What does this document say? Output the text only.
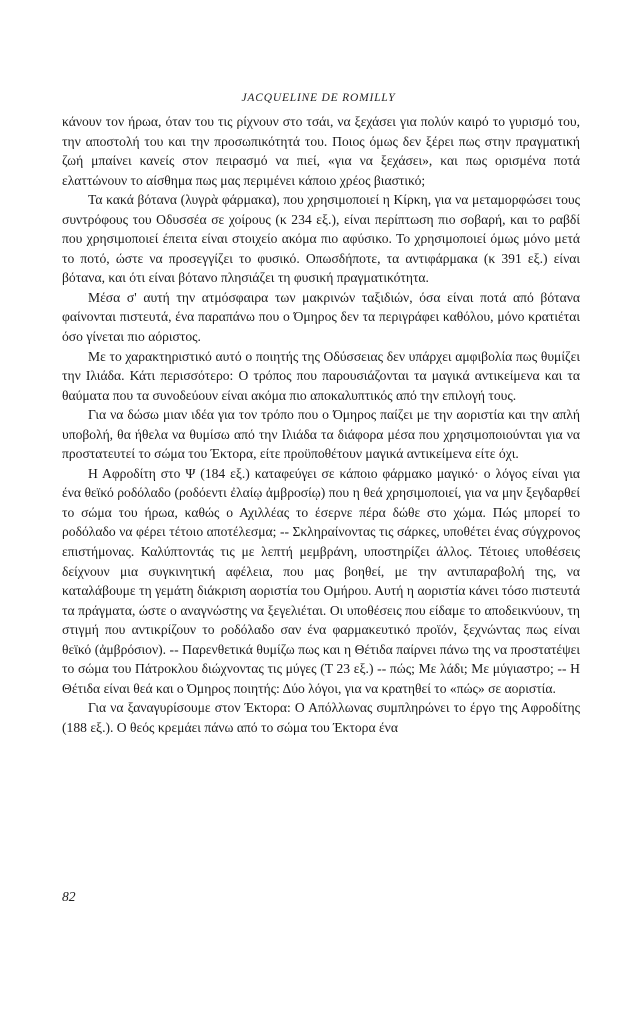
JACQUELINE DE ROMILLY

κάνουν τον ήρωα, όταν του τις ρίχνουν στο τσάι, να ξεχάσει για πολύν καιρό το γυρισμό του, την αποστολή του και την προσωπικότητά του. Ποιος όμως δεν ξέρει πως στην πραγματική ζωή μπαίνει κανείς στον πειρασμό να πιεί, «για να ξεχάσει», και πως ορισμένα ποτά ελαττώνουν το αίσθημα πως μας περιμένει κάποιο χρέος βιαστικό;

Τα κακά βότανα (λυγρὰ φάρμακα), που χρησιμοποιεί η Κίρκη, για να μεταμορφώσει τους συντρόφους του Οδυσσέα σε χοίρους (κ 234 εξ.), είναι περίπτωση πιο σοβαρή, και το ραβδί που χρησιμοποιεί έπειτα είναι στοιχείο ακόμα πιο αφύσικο. Το χρησιμοποιεί όμως μόνο μετά το ποτό, ώστε να προσεγγίζει το φυσικό. Οπωσδήποτε, τα αντιφάρμακα (κ 391 εξ.) είναι βότανα, και ότι είναι βότανο πλησιάζει τη φυσική πραγματικότητα.

Μέσα σ' αυτή την ατμόσφαιρα των μακρινών ταξιδιών, όσα είναι ποτά από βότανα φαίνονται πιστευτά, ένα παραπάνω που ο Όμηρος δεν τα περιγράφει καθόλου, μόνο κρατιέται όσο γίνεται πιο αόριστος.

Με το χαρακτηριστικό αυτό ο ποιητής της Οδύσσειας δεν υπάρχει αμφιβολία πως θυμίζει την Ιλιάδα. Κάτι περισσότερο: Ο τρόπος που παρουσιάζονται τα μαγικά αντικείμενα και τα θαύματα που τα συνοδεύουν είναι ακόμα πιο αποκαλυπτικός από την επιλογή τους.

Για να δώσω μιαν ιδέα για τον τρόπο που ο Όμηρος παίζει με την αοριστία και την απλή υποβολή, θα ήθελα να θυμίσω από την Ιλιάδα τα διάφορα μέσα που χρησιμοποιούνται για να προστατευτεί το σώμα του Έκτορα, είτε προϋποθέτουν μαγικά αντικείμενα είτε όχι.

Η Αφροδίτη στο Ψ (184 εξ.) καταφεύγει σε κάποιο φάρμακο μαγικό· ο λόγος είναι για ένα θεϊκό ροδόλαδο (ροδόεντι ἐλαίῳ ἀμβροσίῳ) που η θεά χρησιμοποιεί, για να μην ξεγδαρθεί το σώμα του ήρωα, καθώς ο Αχιλλέας το έσερνε πέρα δώθε στο χώμα. Πώς μπορεί το ροδόλαδο να φέρει τέτοιο αποτέλεσμα; -- Σκληραίνοντας τις σάρκες, υποθέτει ένας σύγχρονος επιστήμονας. Καλύπτοντάς τις με λεπτή μεμβράνη, υποστηρίζει άλλος. Τέτοιες υποθέσεις δείχνουν μια συγκινητική αφέλεια, που μας βοηθεί, με την αντιπαραβολή της, να καταλάβουμε τη γεμάτη διάκριση αοριστία του Ομήρου. Αυτή η αοριστία κάνει τόσο πιστευτά τα πράγματα, ώστε ο αναγνώστης να ξεγελιέται. Οι υποθέσεις που είδαμε το αποδεικνύουν, τη στιγμή που αντικρίζουν το ροδόλαδο σαν ένα φαρμακευτικό προϊόν, ξεχνώντας πως είναι θεϊκό (ἀμβρόσιον). -- Παρενθετικά θυμίζω πως και η Θέτιδα παίρνει πάνω της να προστατέψει το σώμα του Πάτροκλου διώχνοντας τις μύγες (Τ 23 εξ.) -- πώς; Με λάδι; Με μύγιαστρο; -- Η Θέτιδα είναι θεά και ο Όμηρος ποιητής: Δύο λόγοι, για να κρατηθεί το «πώς» σε αοριστία.

Για να ξαναγυρίσουμε στον Έκτορα: Ο Απόλλωνας συμπληρώνει το έργο της Αφροδίτης (188 εξ.). Ο θεός κρεμάει πάνω από το σώμα του Έκτορα ένα

82
